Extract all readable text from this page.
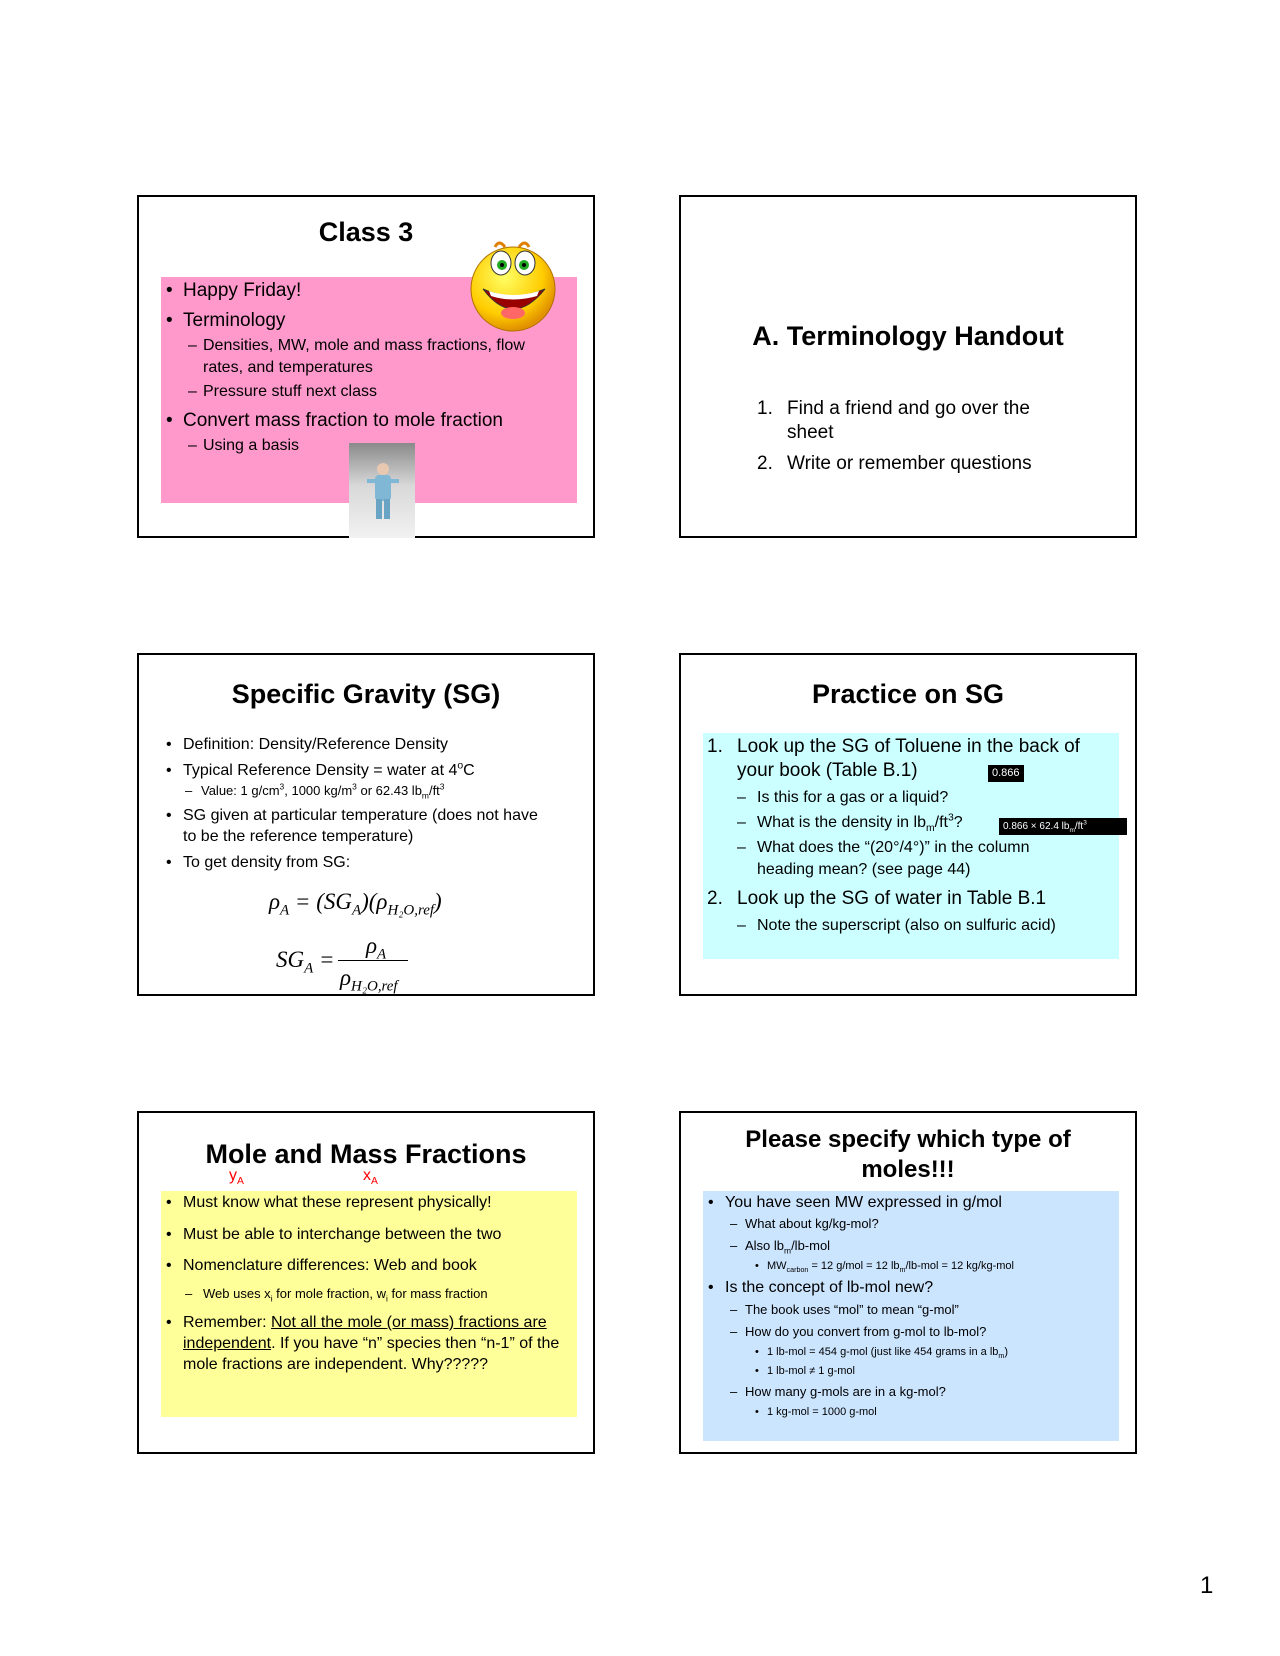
Class 3
• Happy Friday!
• Terminology
– Densities, MW, mole and mass fractions, flow rates, and temperatures
– Pressure stuff next class
• Convert mass fraction to mole fraction
– Using a basis
A. Terminology Handout
1. Find a friend and go over the sheet
2. Write or remember questions
Specific Gravity (SG)
• Definition: Density/Reference Density
• Typical Reference Density = water at 4$^o$C
– Value: 1 $g/cm^3$, 1000 $kg/m^3$ or 62.43 $lb_m/ft^3$
• SG given at particular temperature (does not have to be the reference temperature)
• To get density from SG:
$\rho_A = (SG_A)(\rho_{H_2O,ref})$
$SG_A$ =
$\rho_A$
$\rho_{H_2O,ref}$
Practice on SG
1. Look up the SG of Toluene in the back of your book (Table B.1)	0.866
– Is this for a gas or a liquid?
– What is the density in $lb_m/ft^3$?	0.866 × 62.4 $lb_m/ft^3$
– What does the “(20°/4°)” in the column heading mean? (see page 44)
2. Look up the SG of water in Table B.1
– Note the superscript (also on sulfuric acid)
Mole and Mass Fractions
$y_A$	$x_A$
• Must know what these represent physically!
• Must be able to interchange between the two
• Nomenclature differences: Web and book
– Web uses $x_i$ for mole fraction, $w_i$ for mass fraction
• Remember: Not all the mole (or mass) fractions are independent. If you have “n” species then “n-1” of the mole fractions are independent. Why?????
Please specify which type of moles!!!
• You have seen MW expressed in g/mol
– What about kg/kg-mol?
– Also $lb_m/lb$-mol
• $MW_{carbon} = 12$ g/mol = 12 $lb_m/lb$-mol = 12 kg/kg-mol
• Is the concept of lb-mol new?
– The book uses “mol” to mean “g-mol”
– How do you convert from g-mol to lb-mol?
• 1 lb-mol = 454 g-mol (just like 454 grams in a $lb_m$)
• 1 lb-mol ≠ 1 g-mol
– How many g-mols are in a kg-mol?
• 1 kg-mol = 1000 g-mol
1
